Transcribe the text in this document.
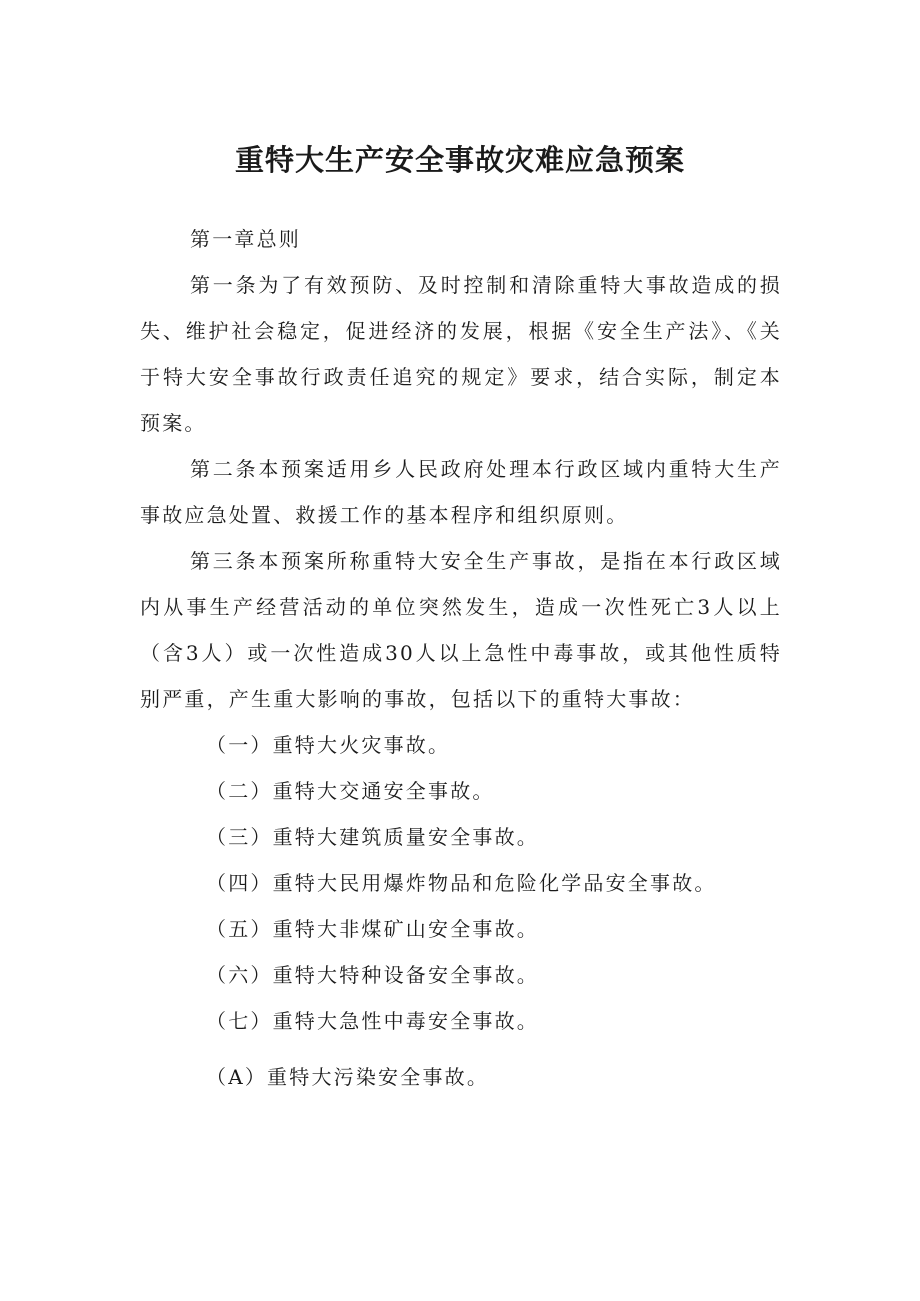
重特大生产安全事故灾难应急预案

第一章总则

第一条为了有效预防、及时控制和清除重特大事故造成的损失、维护社会稳定，促进经济的发展，根据《安全生产法》、《关于特大安全事故行政责任追究的规定》要求，结合实际，制定本预案。

第二条本预案适用乡人民政府处理本行政区域内重特大生产事故应急处置、救援工作的基本程序和组织原则。

第三条本预案所称重特大安全生产事故，是指在本行政区域内从事生产经营活动的单位突然发生，造成一次性死亡3人以上（含3人）或一次性造成30人以上急性中毒事故，或其他性质特别严重，产生重大影响的事故，包括以下的重特大事故：

（一）重特大火灾事故。

（二）重特大交通安全事故。

（三）重特大建筑质量安全事故。

（四）重特大民用爆炸物品和危险化学品安全事故。

（五）重特大非煤矿山安全事故。

（六）重特大特种设备安全事故。

（七）重特大急性中毒安全事故。

（A）重特大污染安全事故。
